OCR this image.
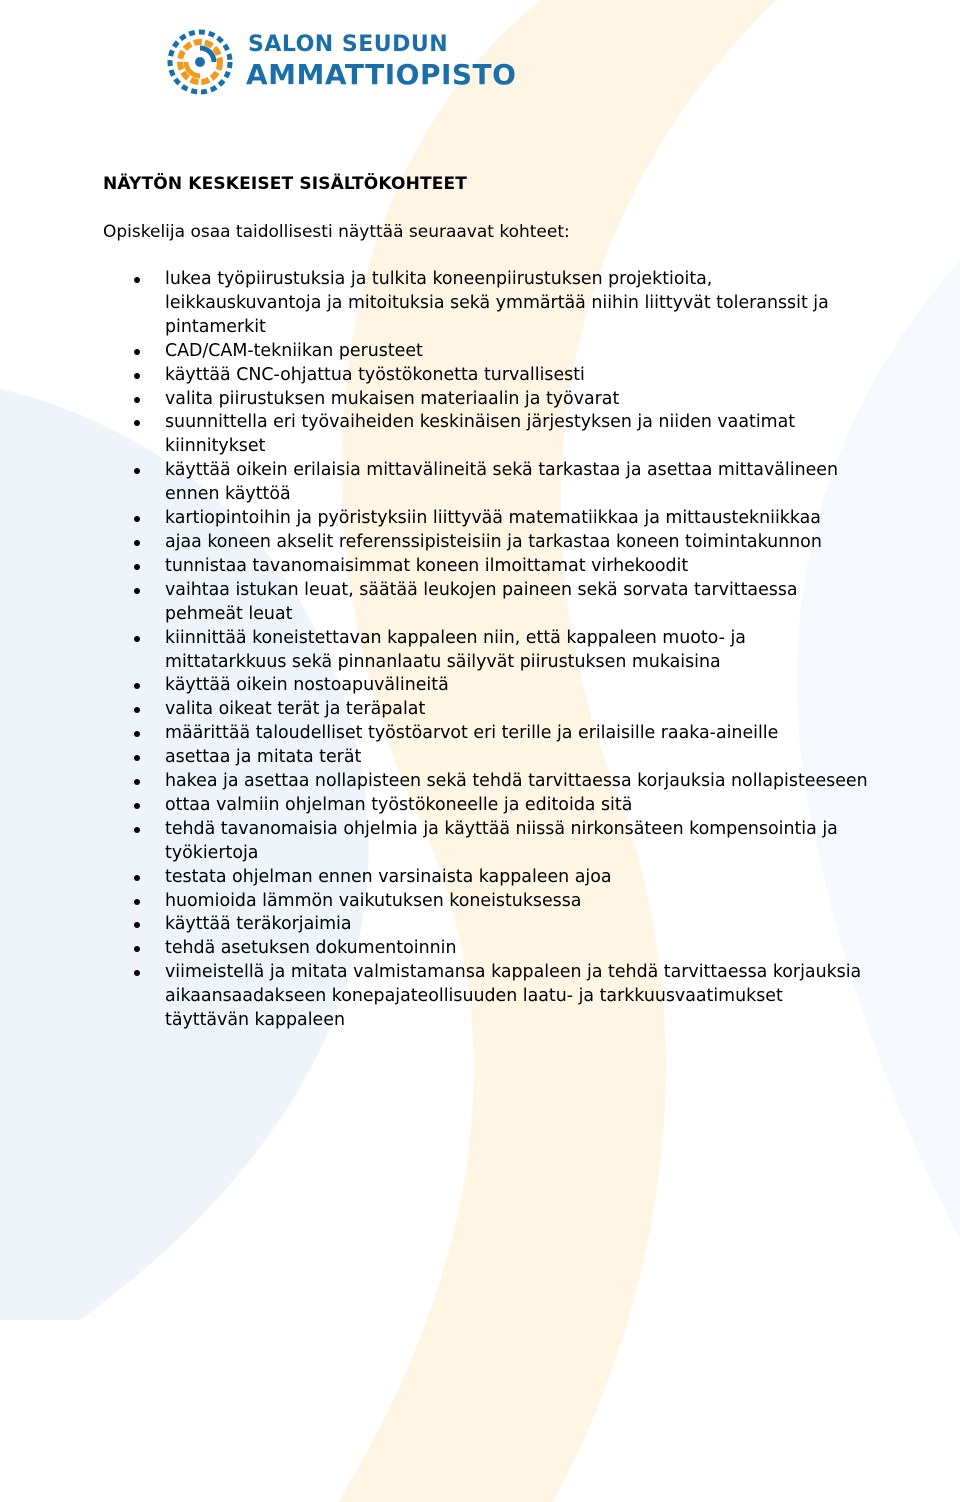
SALON SEUDUN
AMMATTIOPISTO
NÄYTÖN KESKEISET SISÄLTÖKOHTEET

Opiskelija osaa taidollisesti näyttää seuraavat kohteet:

lukea työpiirustuksia ja tulkita koneenpiirustuksen projektioita,
leikkauskuvantoja ja mitoituksia sekä ymmärtää niihin liittyvät toleranssit ja
pintamerkit
CAD/CAM-tekniikan perusteet
käyttää CNC-ohjattua työstökonetta turvallisesti
valita piirustuksen mukaisen materiaalin ja työvarat
suunnittella eri työvaiheiden keskinäisen järjestyksen ja niiden vaatimat
kiinnitykset
käyttää oikein erilaisia mittavälineitä sekä tarkastaa ja asettaa mittavälineen
ennen käyttöä
kartiopintoihin ja pyöristyksiin liittyvää matematiikkaa ja mittaustekniikkaa
ajaa koneen akselit referenssipisteisiin ja tarkastaa koneen toimintakunnon
tunnistaa tavanomaisimmat koneen ilmoittamat virhekoodit
vaihtaa istukan leuat, säätää leukojen paineen sekä sorvata tarvittaessa
pehmeät leuat
kiinnittää koneistettavan kappaleen niin, että kappaleen muoto- ja
mittatarkkuus sekä pinnanlaatu säilyvät piirustuksen mukaisina
käyttää oikein nostoapuvälineitä
valita oikeat terät ja teräpalat
määrittää taloudelliset työstöarvot eri terille ja erilaisille raaka-aineille
asettaa ja mitata terät
hakea ja asettaa nollapisteen sekä tehdä tarvittaessa korjauksia nollapisteeseen
ottaa valmiin ohjelman työstökoneelle ja editoida sitä
tehdä tavanomaisia ohjelmia ja käyttää niissä nirkonsäteen kompensointia ja
työkiertoja
testata ohjelman ennen varsinaista kappaleen ajoa
huomioida lämmön vaikutuksen koneistuksessa
käyttää teräkorjaimia
tehdä asetuksen dokumentoinnin
viimeistellä ja mitata valmistamansa kappaleen ja tehdä tarvittaessa korjauksia
aikaansaadakseen konepajateollisuuden laatu- ja tarkkuusvaatimukset
täyttävän kappaleen
